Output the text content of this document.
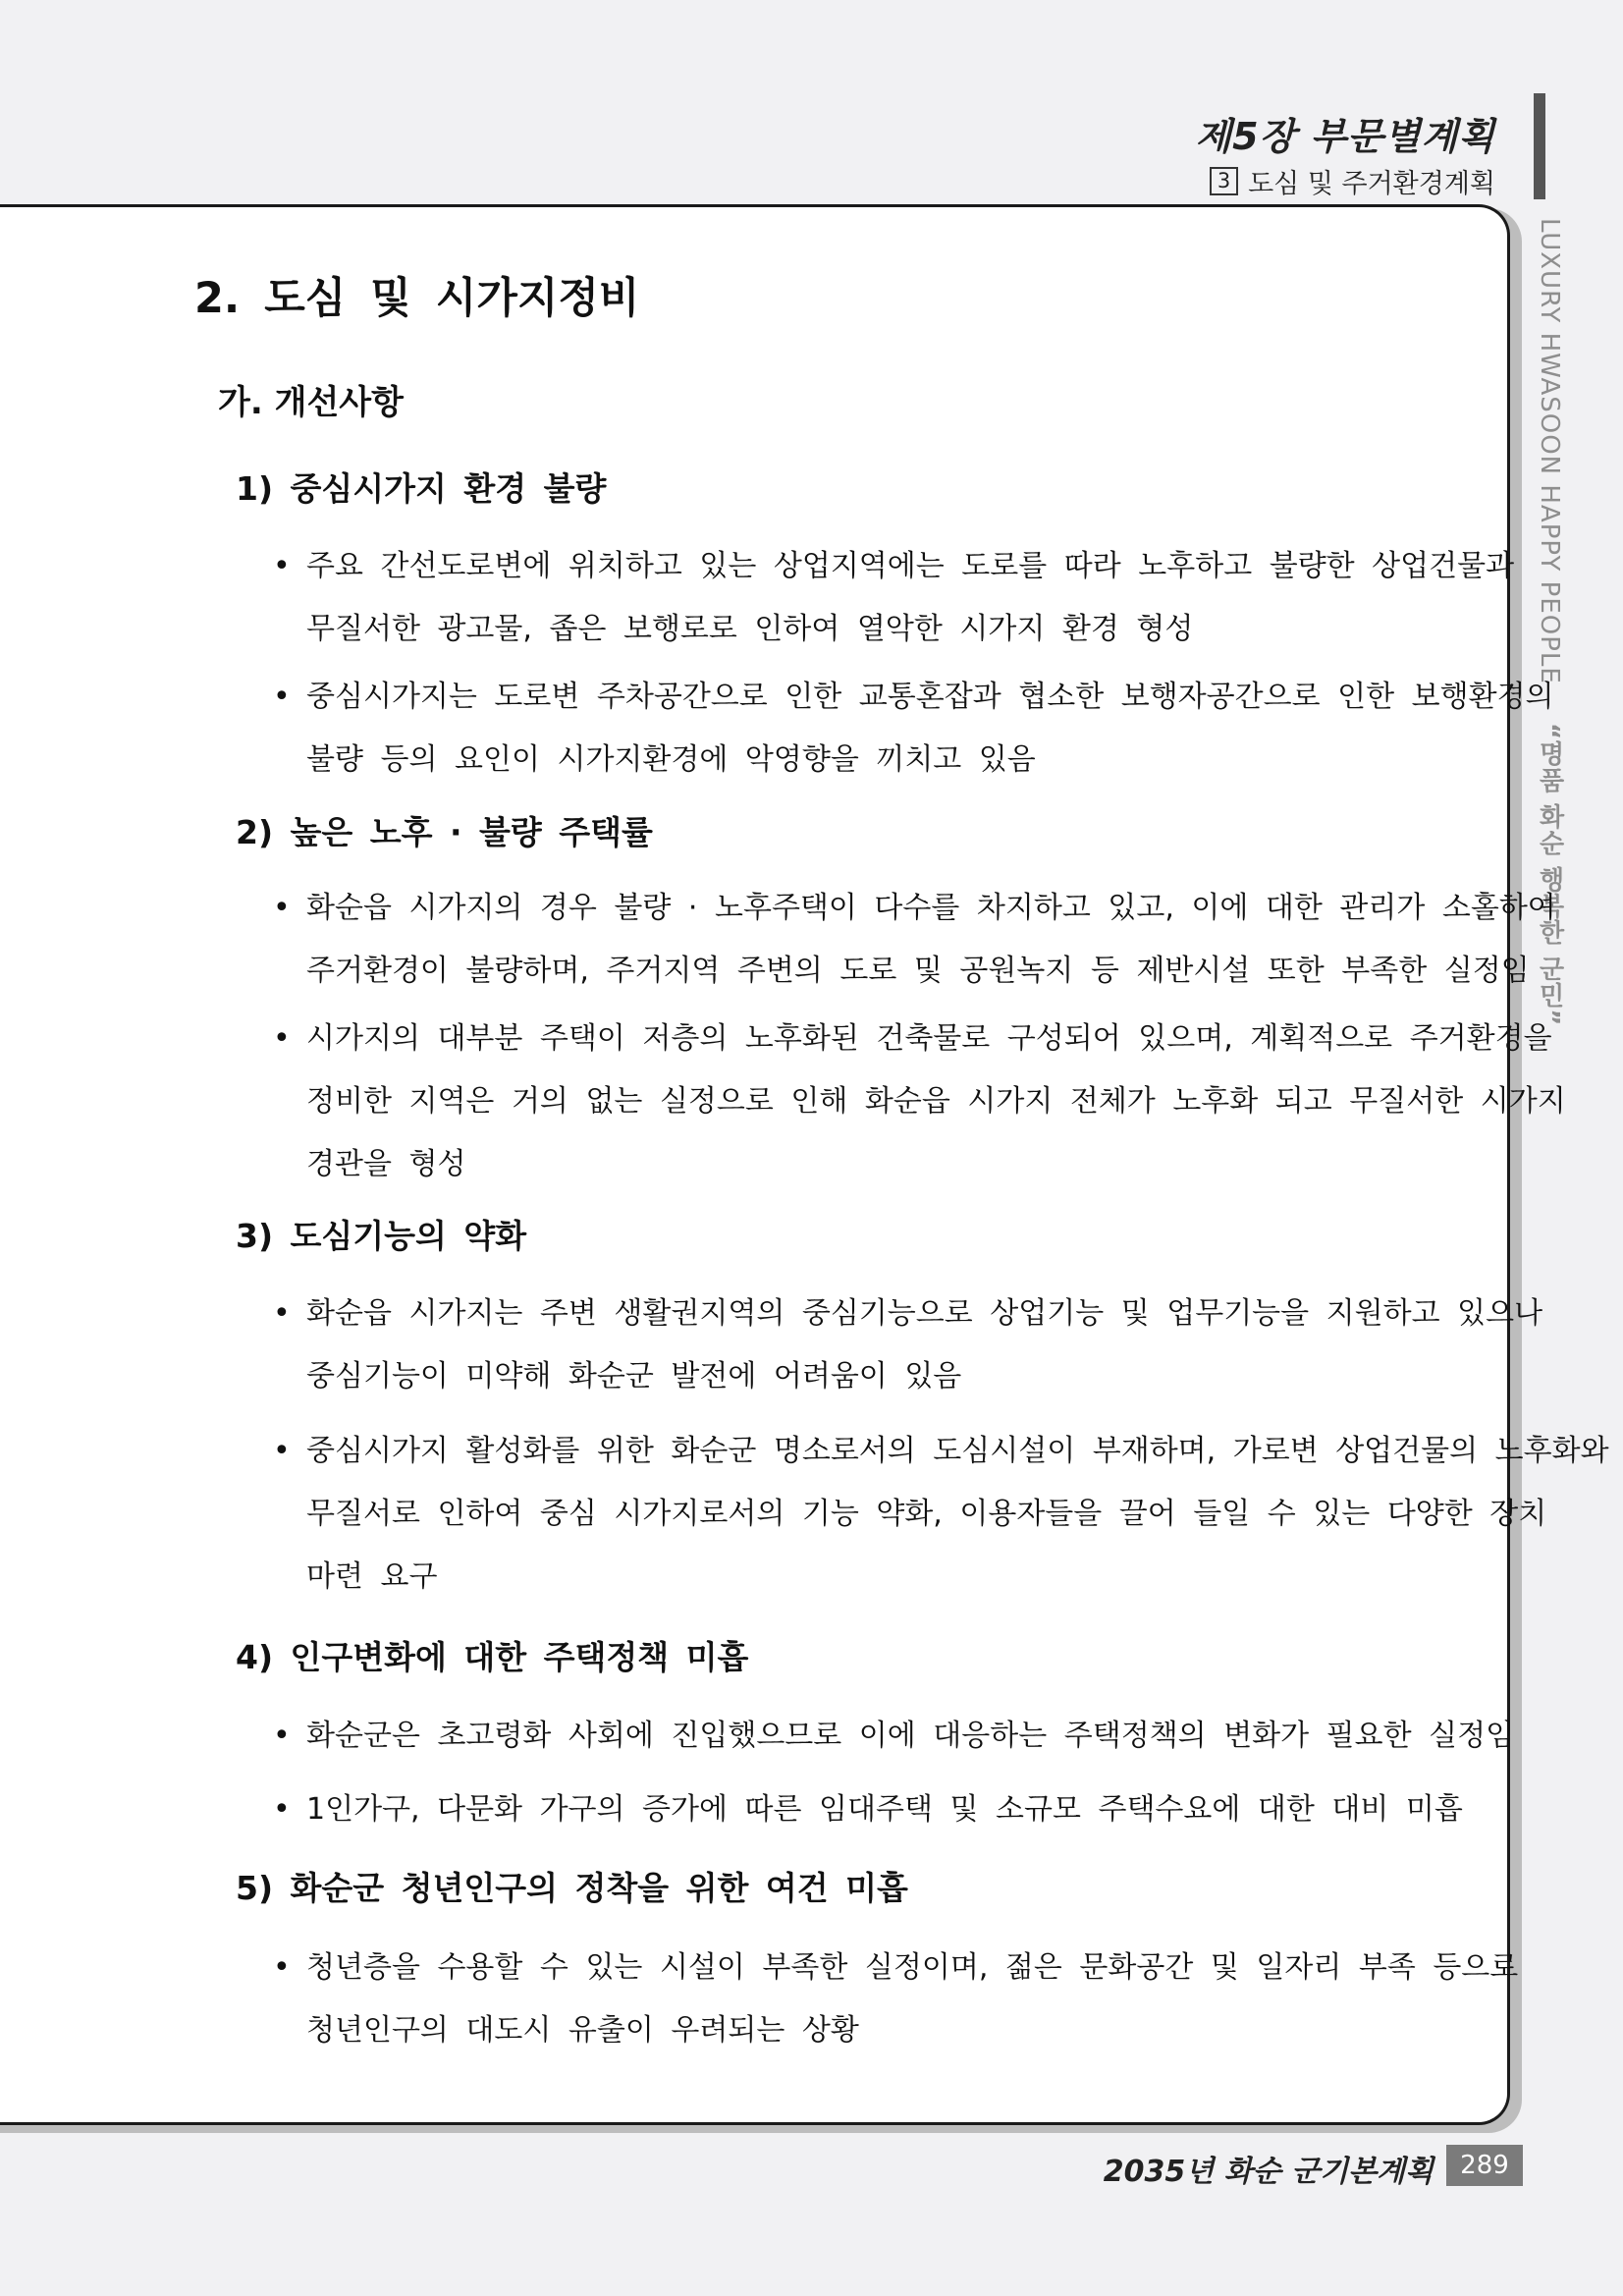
제5장 부문별계획
3 도심 및 주거환경계획
LUXURY HWASOON HAPPY PEOPLE “명품 화순 행복한 군민”
2. 도심 및 시가지정비
가. 개선사항
1) 중심시가지 환경 불량
• 주요 간선도로변에 위치하고 있는 상업지역에는 도로를 따라 노후하고 불량한 상업건물과
무질서한 광고물, 좁은 보행로로 인하여 열악한 시가지 환경 형성
• 중심시가지는 도로변 주차공간으로 인한 교통혼잡과 협소한 보행자공간으로 인한 보행환경의
불량 등의 요인이 시가지환경에 악영향을 끼치고 있음
2) 높은 노후 · 불량 주택률
• 화순읍 시가지의 경우 불량 · 노후주택이 다수를 차지하고 있고, 이에 대한 관리가 소홀하여
주거환경이 불량하며, 주거지역 주변의 도로 및 공원녹지 등 제반시설 또한 부족한 실정임
• 시가지의 대부분 주택이 저층의 노후화된 건축물로 구성되어 있으며, 계획적으로 주거환경을
정비한 지역은 거의 없는 실정으로 인해 화순읍 시가지 전체가 노후화 되고 무질서한 시가지
경관을 형성
3) 도심기능의 약화
• 화순읍 시가지는 주변 생활권지역의 중심기능으로 상업기능 및 업무기능을 지원하고 있으나
중심기능이 미약해 화순군 발전에 어려움이 있음
• 중심시가지 활성화를 위한 화순군 명소로서의 도심시설이 부재하며, 가로변 상업건물의 노후화와
무질서로 인하여 중심 시가지로서의 기능 약화, 이용자들을 끌어 들일 수 있는 다양한 장치
마련 요구
4) 인구변화에 대한 주택정책 미흡
• 화순군은 초고령화 사회에 진입했으므로 이에 대응하는 주택정책의 변화가 필요한 실정임
• 1인가구, 다문화 가구의 증가에 따른 임대주택 및 소규모 주택수요에 대한 대비 미흡
5) 화순군 청년인구의 정착을 위한 여건 미흡
• 청년층을 수용할 수 있는 시설이 부족한 실정이며, 젊은 문화공간 및 일자리 부족 등으로
청년인구의 대도시 유출이 우려되는 상황
2035년 화순 군기본계획	289
